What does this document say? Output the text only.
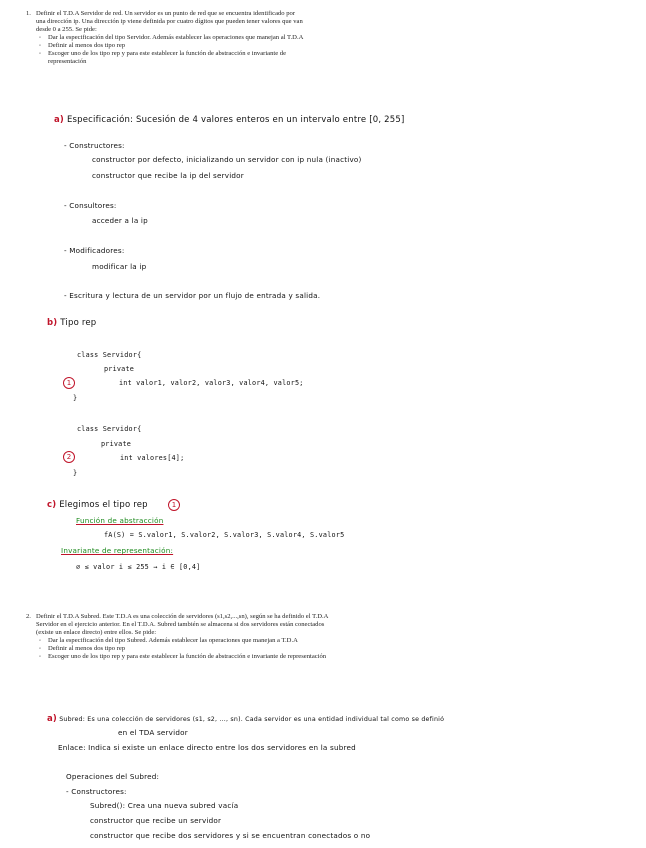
1. Definir el T.D.A Servidor de red. Un servidor es un punto de red que se encuentra identificado por una dirección ip. Una dirección ip viene definida por cuatro dígitos que pueden tener valores que van desde 0 a 255. Se pide:
◦ Dar la especificación del tipo Servidor. Además establecer las operaciones que manejan al T.D.A
◦ Definir al menos dos tipo rep
◦ Escoger uno de los tipo rep y para este establecer la función de abstracción e invariante de representación
a) Especificación: Sucesión de 4 valores enteros en un intervalo entre [0, 255]
- Constructores:
constructor por defecto, inicializando un servidor con ip nula (inactivo)
constructor que recibe la ip del servidor
- Consultores:
acceder a la ip
- Modificadores:
modificar la ip
- Escritura y lectura de un servidor por un flujo de entrada y salida.
b) Tipo rep
class Servidor{
private
1	int valor1, valor2, valor3, valor4, valor5;
}
class Servidor{
private
2	int valores[4];
}
c) Elegimos el tipo rep	1
Función de abstracción
fA(S) = S.valor1, S.valor2, S.valor3, S.valor4, S.valor5
Invariante de representación:
∅ ≤ valor i ≤ 255 → i ∈ [0,4]
2. Definir el T.D.A Subred. Este T.D.A es una colección de servidores (s1,s2,...,sn), según se ha definido el T.D.A Servidor en el ejercicio anterior. En el T.D.A. Subred también se almacena si dos servidores están conectados (existe un enlace directo) entre ellos. Se pide:
◦ Dar la especificación del tipo Subred. Además establecer las operaciones que manejan a T.D.A
◦ Definir al menos dos tipo rep
◦ Escoger uno de los tipo rep y para este establecer la función de abstracción e invariante de representación
a) Subred: Es una colección de servidores (s1, s2, ..., sn). Cada servidor es una entidad individual tal como se definió
en el TDA servidor
Enlace: Indica si existe un enlace directo entre los dos servidores en la subred
Operaciones del Subred:
- Constructores:
Subred(): Crea una nueva subred vacía
constructor que recibe un servidor
constructor que recibe dos servidores y si se encuentran conectados o no
